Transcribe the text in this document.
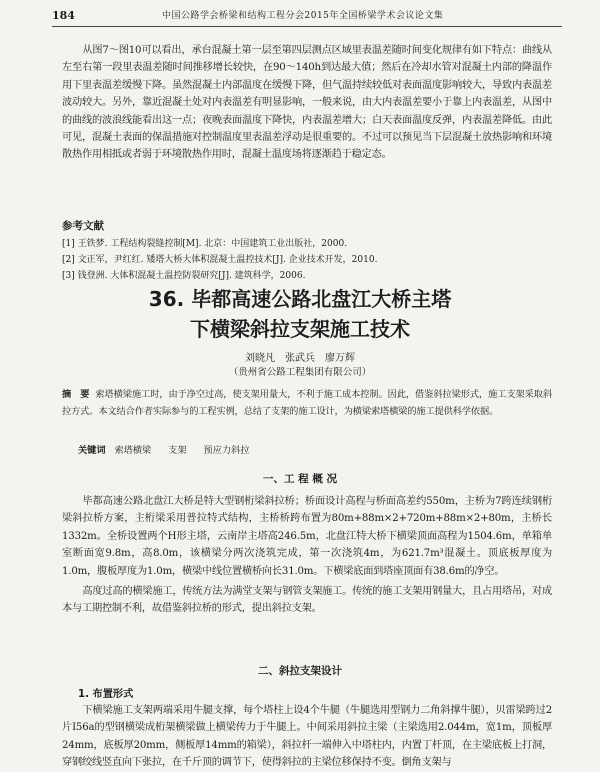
184	中国公路学会桥梁和结构工程分会2015年全国桥梁学术会议论文集

从图7～图10可以看出，承台混凝土第一层至第四层测点区域里表温差随时间变化规律有如下特点：曲线从左至右第一段里表温差随时间推移增长较快，在90～140h到达最大值；然后在冷却水管对混凝土内部的降温作用下里表温差缓慢下降。虽然混凝土内部温度在缓慢下降，但气温持续较低对表面温度影响较大，导致内表温差波动较大。另外，靠近混凝土处对内表温差有明显影响，一般来说，由大内表温差要小于靠上内表温差，从图中的曲线的波浪线能看出这一点；夜晚表面温度下降快，内表温差增大；白天表面温度反弹，内表温差降低。由此可见，混凝土表面的保温措施对控制温度里表温差浮动是很重要的。不过可以预见当下层混凝土放热影响和环境散热作用相抵或者弱于环境散热作用时，混凝土温度场将逐渐趋于稳定态。

参考文献

[1] 王铁梦. 工程结构裂缝控制[M]. 北京：中国建筑工业出版社，2000.

[2] 文正军，尹红红. 矮塔大桥大体积混凝土温控技术[J]. 企业技术开发，2010.

[3] 钱登洲. 大体积混凝土温控防裂研究[J]. 建筑科学，2006.

36. 毕都高速公路北盘江大桥主塔
下横梁斜拉支架施工技术
刘晓凡　张武兵　廖万辉
（贵州省公路工程集团有限公司）
摘　要 索塔横梁施工时，由于净空过高，使支架用量大，不利于施工成本控制。因此，借鉴斜拉梁形式，施工支架采取斜拉方式。本文结合作者实际参与的工程实例，总结了支架的施工设计，为横梁索塔横梁的施工提供科学依据。
关键词 索塔横梁 支架 预应力斜拉
一、工 程 概 况

毕都高速公路北盘江大桥是特大型钢桁梁斜拉桥；桥面设计高程与桥面高差约550m，主桥为7跨连续钢桁梁斜拉桥方案，主桁梁采用普拉特式结构，主桥桥跨布置为80m+88m×2+720m+88m×2+80m，主桥长1332m。全桥设置两个H形主塔，云南岸主塔高246.5m，北盘江特大桥下横梁顶面高程为1504.6m，单箱单室断面宽9.8m，高8.0m，该横梁分两次浇筑完成，第一次浇筑4m，为621.7m³混凝土。顶底板厚度为1.0m，腹板厚度为1.0m，横梁中线位置横桥向长31.0m。下横梁底面到塔座顶面有38.6m的净空。

高度过高的横梁施工，传统方法为满堂支架与钢管支架施工。传统的施工支架用钢量大，且占用塔吊，对成本与工期控制不利，故借鉴斜拉桥的形式，提出斜拉支架。

二、斜拉支架设计
1. 布置形式

下横梁施工支架两端采用牛腿支撑，每个塔柱上设4个牛腿（牛腿选用型钢力二角斜撑牛腿），贝雷梁跨过2片I56a的型钢横梁成桁架横梁做上横梁传力于牛腿上。中间采用斜拉主梁（主梁选用2.044m，宽1m，顶板厚24mm，底板厚20mm，侧板厚14mm的箱梁），斜拉杆一端伸入中塔柱内，内置丁杆顶，在主梁底板上打洞，穿钢绞线竖直向下张拉，在千斤顶的调节下，使得斜拉的主梁位移保持不变。倒角支架与
